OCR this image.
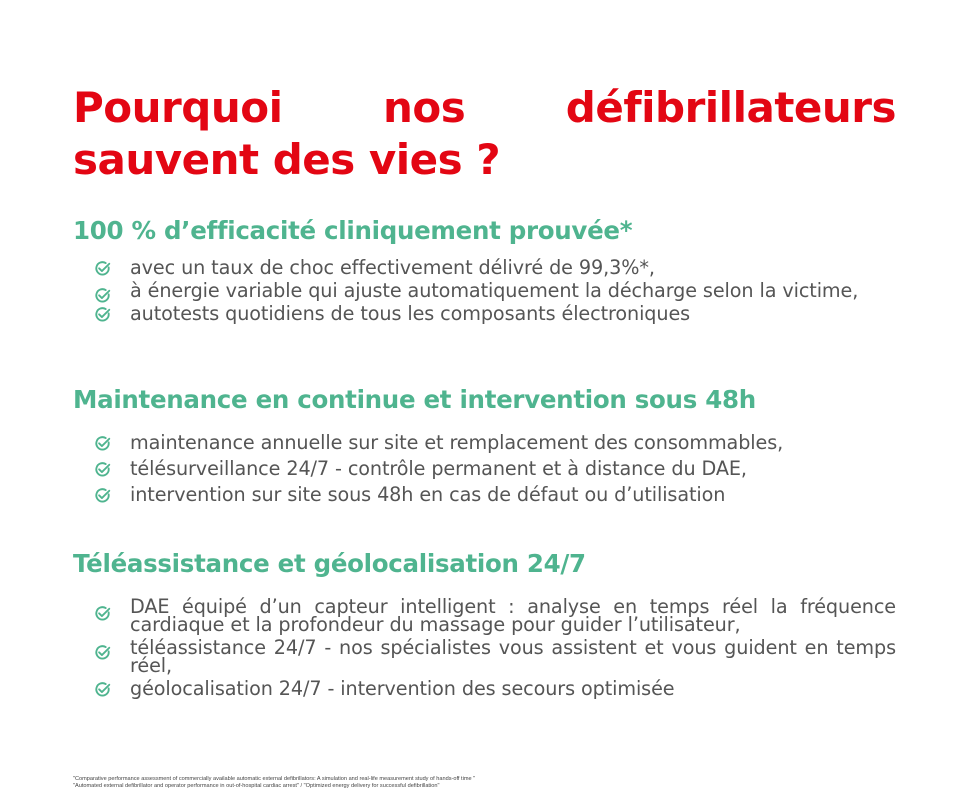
Pourquoi nos défibrillateurs sauvent des vies ?
100 % d’efficacité cliniquement prouvée*
avec un taux de choc effectivement délivré de 99,3%*,
à énergie variable qui ajuste automatiquement la décharge selon la victime,
autotests quotidiens de tous les composants électroniques
Maintenance en continue et intervention sous 48h
maintenance annuelle sur site et remplacement des consommables,
télésurveillance 24/7 - contrôle permanent et à distance du DAE,
intervention sur site sous 48h en cas de défaut ou d’utilisation
Téléassistance et géolocalisation 24/7
DAE équipé d’un capteur intelligent : analyse en temps réel la fréquence cardiaque et la profondeur du massage pour guider l’utilisateur,
téléassistance 24/7 - nos spécialistes vous assistent et vous guident en temps réel,
géolocalisation 24/7 - intervention des secours optimisée
"Comparative performance assessment of commercially available automatic external defibrillators: A simulation and real-life measurement study of hands-off time "
"Automated external defibrillator and operator performance in out-of-hospital cardiac arrest" / "Optimized energy delivery for successful defibrillation"
